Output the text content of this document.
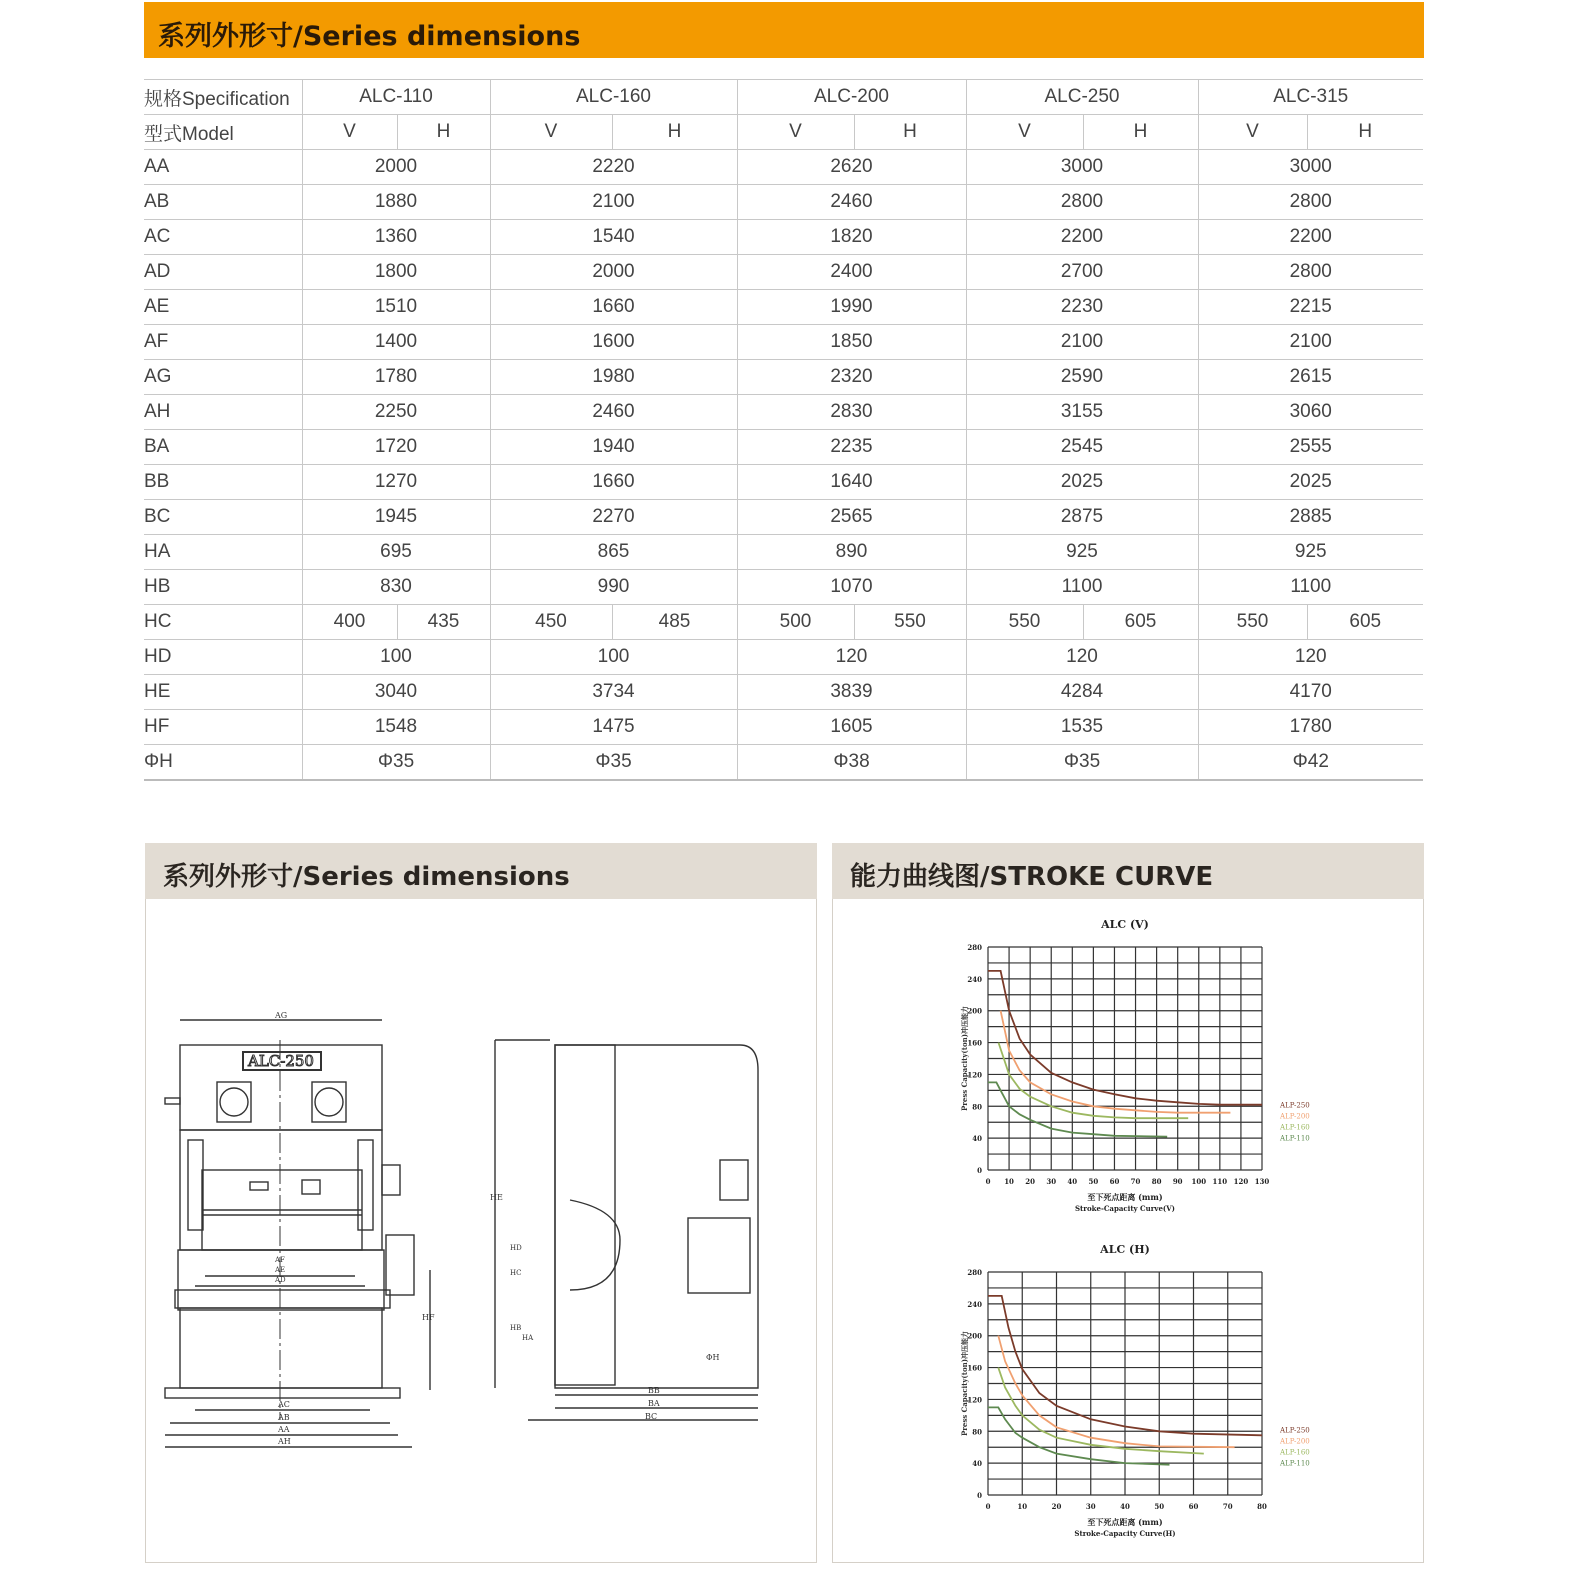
系列外形寸/Series dimensions
规格Specification	ALC-110		ALC-160		ALC-200		ALC-250		ALC-315	
型式Model	V	H	V	H	V	H	V	H	V	H
AA	2000		2220		2620		3000		3000	
AB	1880		2100		2460		2800		2800	
AC	1360		1540		1820		2200		2200	
AD	1800		2000		2400		2700		2800	
AE	1510		1660		1990		2230		2215	
AF	1400		1600		1850		2100		2100	
AG	1780		1980		2320		2590		2615	
AH	2250		2460		2830		3155		3060	
BA	1720		1940		2235		2545		2555	
BB	1270		1660		1640		2025		2025	
BC	1945		2270		2565		2875		2885	
HA	695		865		890		925		925	
HB	830		990		1070		1100		1100	
HC	400	435	450	485	500	550	550	605	550	605
HD	100		100		120		120		120	
HE	3040		3734		3839		4284		4170	
HF	1548		1475		1605		1535		1780	
ΦH	Φ35		Φ35		Φ38		Φ35		Φ42	
系列外形寸/Series dimensions
AG
ALC-250
AC
AB
AA
AH
AF
AE
AD
HF
HE
HD
HC
HB
HA
ΦH
BB
BA
BC
能力曲线图/STROKE CURVE
ALC (V)
0 10 20 30 40 50 60 70 80 90 100 110 120 130
0
40
80
120
160
200
240
280
Press Capacity(ton)冲压能力
至下死点距离 (mm)
Stroke-Capacity Curve(V)
ALP-250
ALP-200
ALP-160
ALP-110
ALC (H)
0	10	20	30	40	50	60	70	80
0
40
80
120
160
200
240
280
Press Capacity(ton)冲压能力
至下死点距离 (mm)
Stroke-Capacity Curve(H)
ALP-250
ALP-200
ALP-160
ALP-110
